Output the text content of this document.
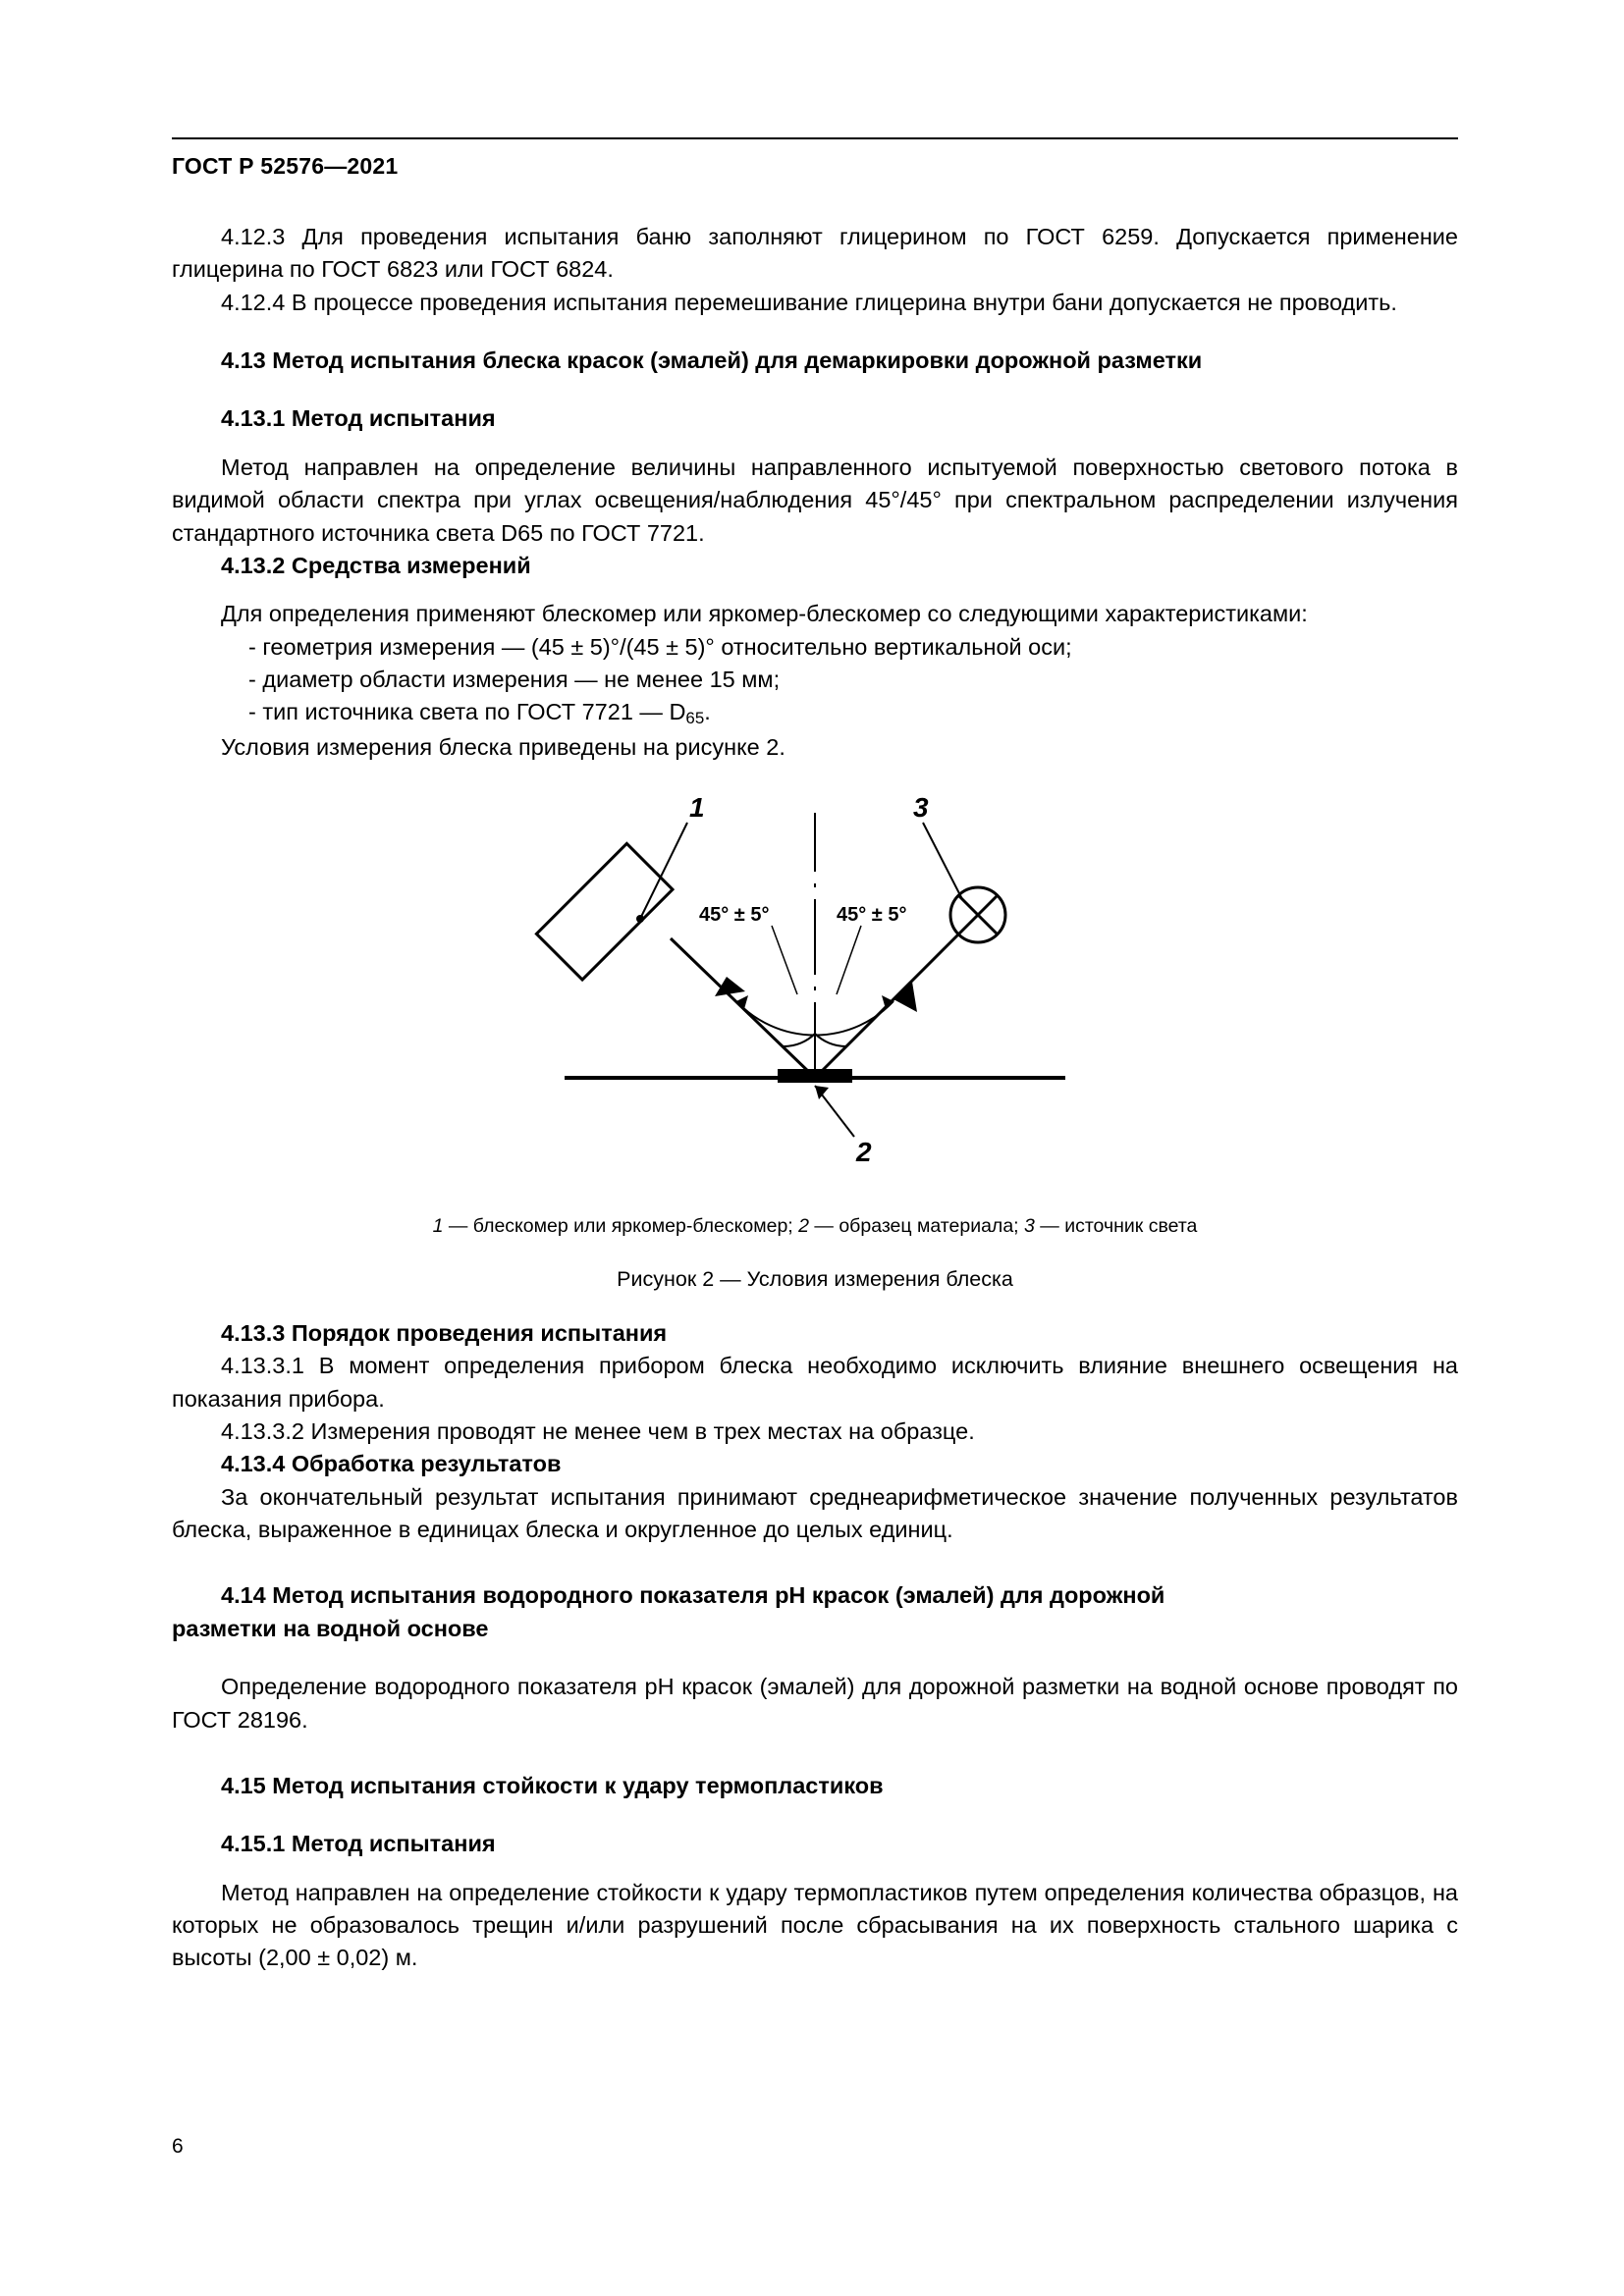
ГОСТ Р 52576—2021

4.12.3 Для проведения испытания баню заполняют глицерином по ГОСТ 6259. Допускается применение глицерина по ГОСТ 6823 или ГОСТ 6824.

4.12.4 В процессе проведения испытания перемешивание глицерина внутри бани допускается не проводить.

4.13 Метод испытания блеска красок (эмалей) для демаркировки дорожной разметки
4.13.1 Метод испытания

Метод направлен на определение величины направленного испытуемой поверхностью светового потока в видимой области спектра при углах освещения/наблюдения 45°/45° при спектральном распределении излучения стандартного источника света D65 по ГОСТ 7721.

4.13.2 Средства измерений

Для определения применяют блескомер или яркомер-блескомер со следующими характеристиками:

- геометрия измерения — (45 ± 5)°/(45 ± 5)° относительно вертикальной оси;

- диаметр области измерения — не менее 15 мм;

- тип источника света по ГОСТ 7721 — $D_{65}$.

Условия измерения блеска приведены на рисунке 2.

1
2
3
45° ± 5°	45° ± 5°
1 — блескомер или яркомер-блескомер; 2 — образец материала; 3 — источник света
Рисунок 2 — Условия измерения блеска
4.13.3 Порядок проведения испытания

4.13.3.1 В момент определения прибором блеска необходимо исключить влияние внешнего освещения на показания прибора.

4.13.3.2 Измерения проводят не менее чем в трех местах на образце.

4.13.4 Обработка результатов

За окончательный результат испытания принимают среднеарифметическое значение полученных результатов блеска, выраженное в единицах блеска и округленное до целых единиц.

4.14 Метод испытания водородного показателя pH красок (эмалей) для дорожной
разметки на водной основе

Определение водородного показателя pH красок (эмалей) для дорожной разметки на водной основе проводят по ГОСТ 28196.

4.15 Метод испытания стойкости к удару термопластиков
4.15.1 Метод испытания

Метод направлен на определение стойкости к удару термопластиков путем определения количества образцов, на которых не образовалось трещин и/или разрушений после сбрасывания на их поверхность стального шарика с высоты (2,00 ± 0,02) м.

6
